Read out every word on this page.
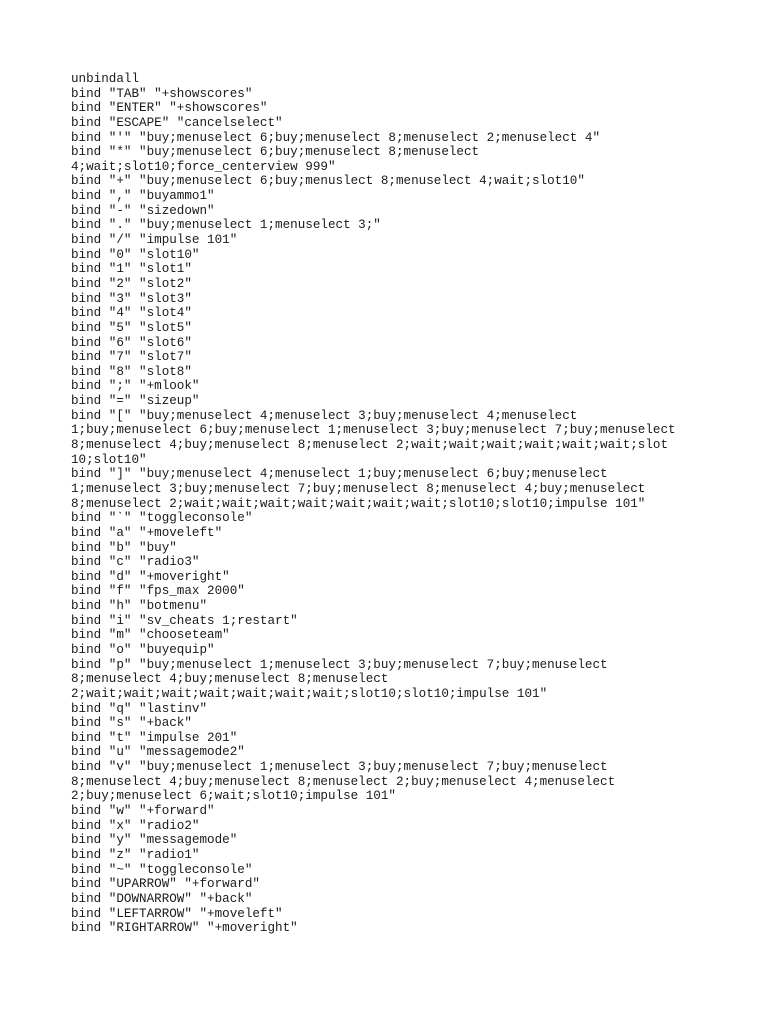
unbindall
bind "TAB" "+showscores"
bind "ENTER" "+showscores"
bind "ESCAPE" "cancelselect"
bind "'" "buy;menuselect 6;buy;menuselect 8;menuselect 2;menuselect 4"
bind "*" "buy;menuselect 6;buy;menuselect 8;menuselect
4;wait;slot10;force_centerview 999"
bind "+" "buy;menuselect 6;buy;menuslect 8;menuselect 4;wait;slot10"
bind "," "buyammo1"
bind "-" "sizedown"
bind "." "buy;menuselect 1;menuselect 3;"
bind "/" "impulse 101"
bind "0" "slot10"
bind "1" "slot1"
bind "2" "slot2"
bind "3" "slot3"
bind "4" "slot4"
bind "5" "slot5"
bind "6" "slot6"
bind "7" "slot7"
bind "8" "slot8"
bind ";" "+mlook"
bind "=" "sizeup"
bind "[" "buy;menuselect 4;menuselect 3;buy;menuselect 4;menuselect
1;buy;menuselect 6;buy;menuselect 1;menuselect 3;buy;menuselect 7;buy;menuselect
8;menuselect 4;buy;menuselect 8;menuselect 2;wait;wait;wait;wait;wait;wait;slot
10;slot10"
bind "]" "buy;menuselect 4;menuselect 1;buy;menuselect 6;buy;menuselect
1;menuselect 3;buy;menuselect 7;buy;menuselect 8;menuselect 4;buy;menuselect
8;menuselect 2;wait;wait;wait;wait;wait;wait;wait;slot10;slot10;impulse 101"
bind "`" "toggleconsole"
bind "a" "+moveleft"
bind "b" "buy"
bind "c" "radio3"
bind "d" "+moveright"
bind "f" "fps_max 2000"
bind "h" "botmenu"
bind "i" "sv_cheats 1;restart"
bind "m" "chooseteam"
bind "o" "buyequip"
bind "p" "buy;menuselect 1;menuselect 3;buy;menuselect 7;buy;menuselect
8;menuselect 4;buy;menuselect 8;menuselect
2;wait;wait;wait;wait;wait;wait;wait;slot10;slot10;impulse 101"
bind "q" "lastinv"
bind "s" "+back"
bind "t" "impulse 201"
bind "u" "messagemode2"
bind "v" "buy;menuselect 1;menuselect 3;buy;menuselect 7;buy;menuselect
8;menuselect 4;buy;menuselect 8;menuselect 2;buy;menuselect 4;menuselect
2;buy;menuselect 6;wait;slot10;impulse 101"
bind "w" "+forward"
bind "x" "radio2"
bind "y" "messagemode"
bind "z" "radio1"
bind "~" "toggleconsole"
bind "UPARROW" "+forward"
bind "DOWNARROW" "+back"
bind "LEFTARROW" "+moveleft"
bind "RIGHTARROW" "+moveright"
